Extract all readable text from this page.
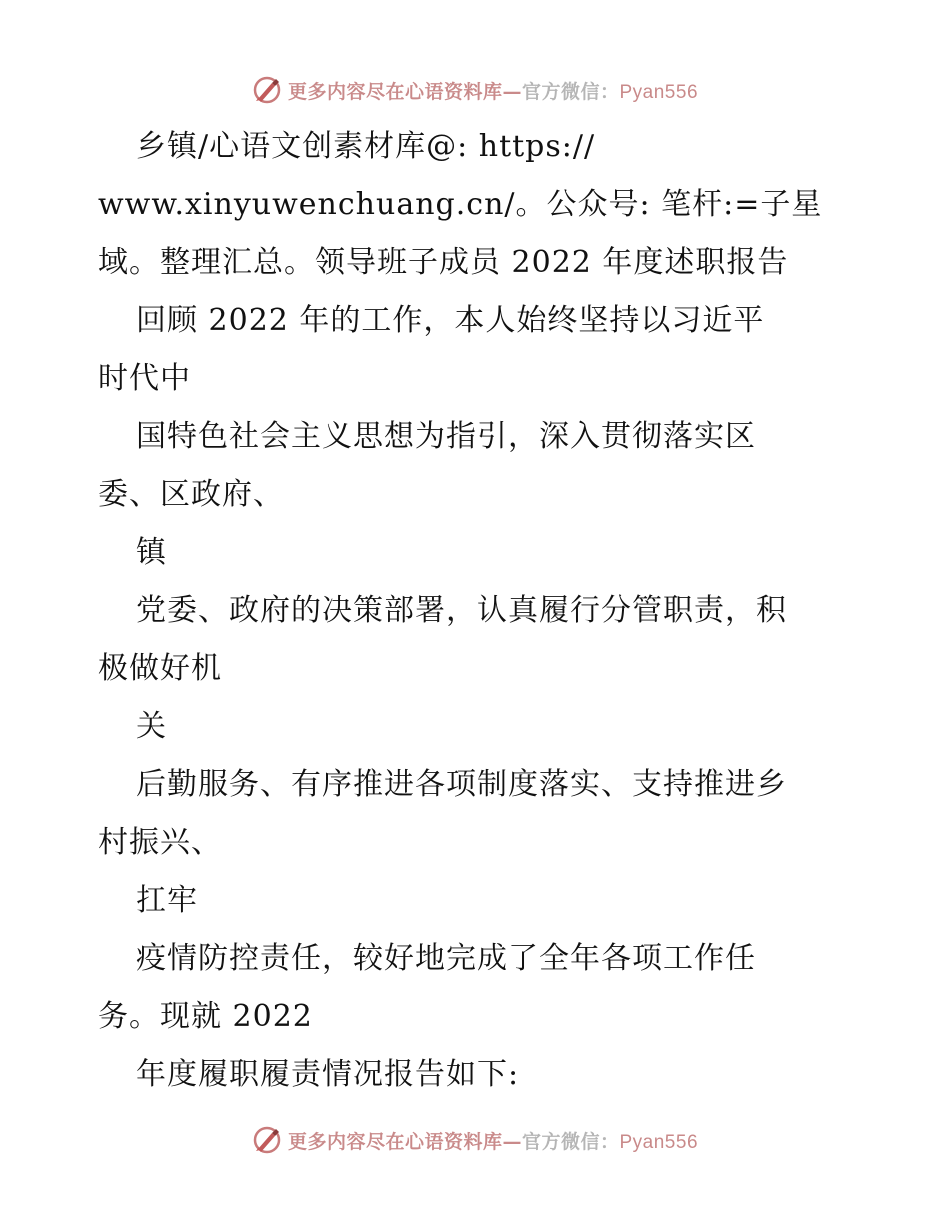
更多内容尽在心语资料库—官方微信：Pyan556
乡镇/心语文创素材库@: https://
www.xinyuwenchuang.cn/。公众号: 笔杆:=子星
域。整理汇总。领导班子成员 2022 年度述职报告
回顾 2022 年的工作，本人始终坚持以习近平
时代中
国特色社会主义思想为指引，深入贯彻落实区
委、区政府、
镇
党委、政府的决策部署，认真履行分管职责，积
极做好机
关
后勤服务、有序推进各项制度落实、支持推进乡
村振兴、
扛牢
疫情防控责任，较好地完成了全年各项工作任
务。现就 2022
年度履职履责情况报告如下:
更多内容尽在心语资料库—官方微信：Pyan556
